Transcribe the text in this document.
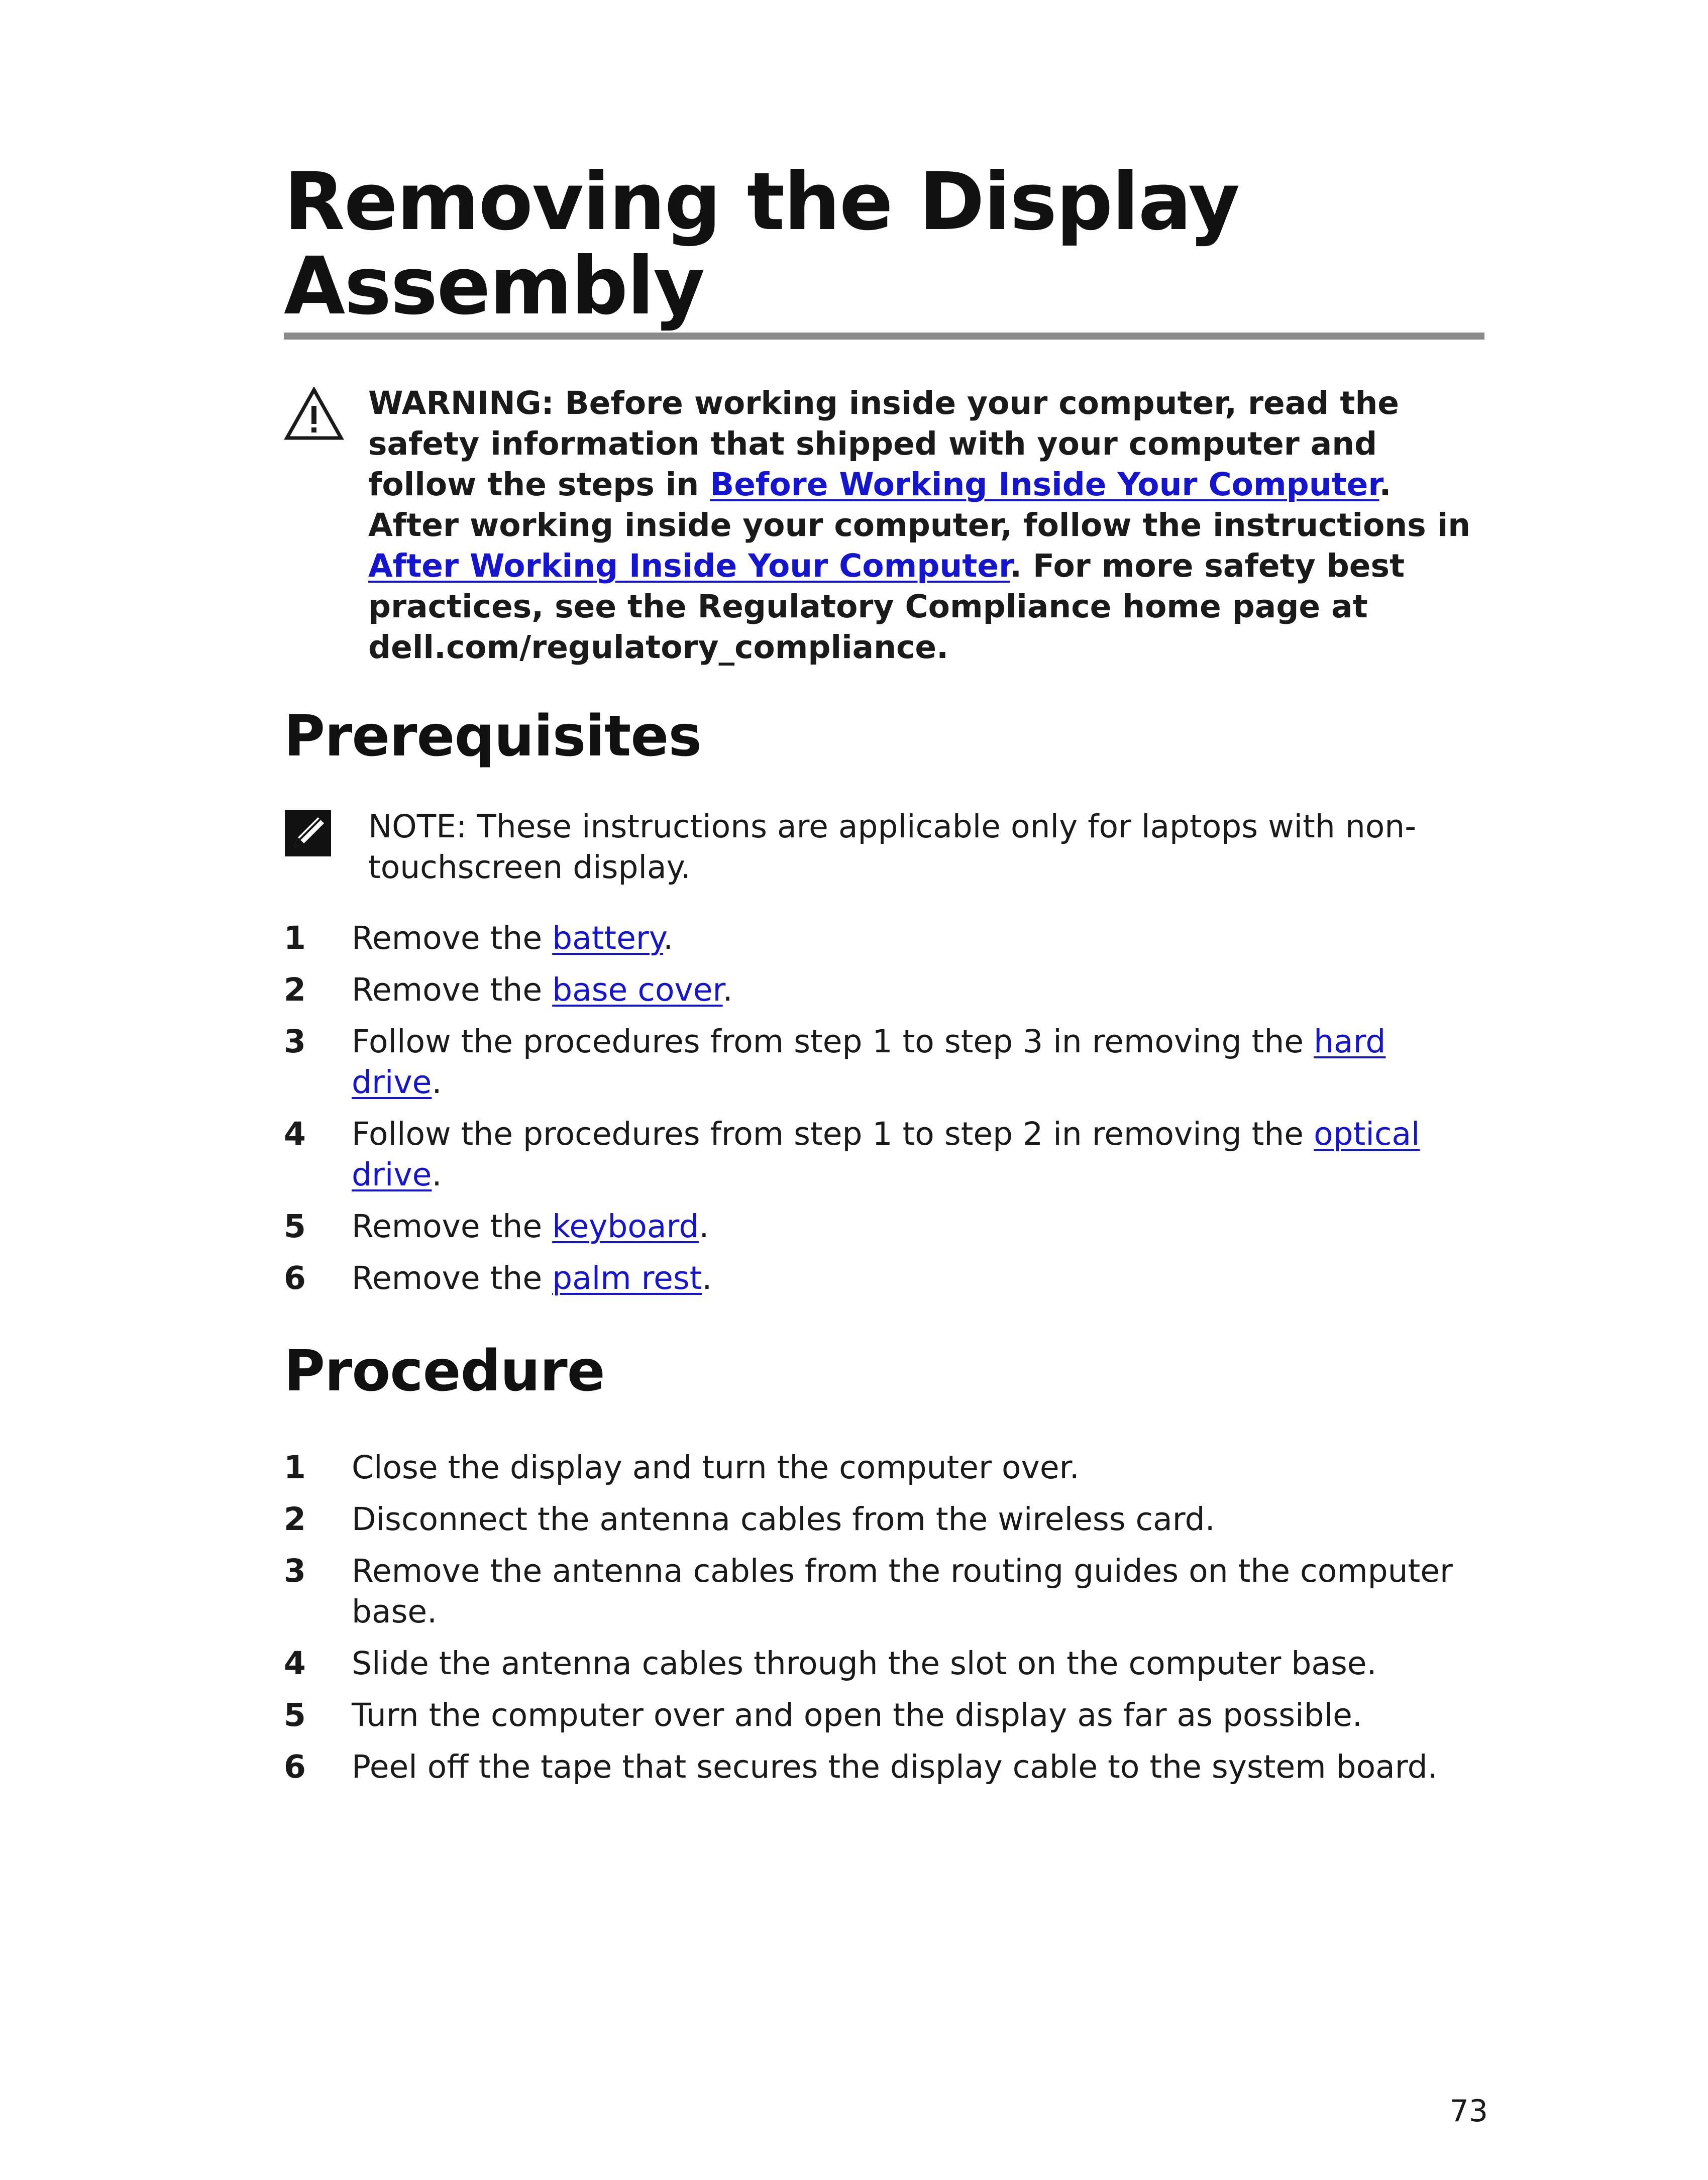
Removing the Display Assembly
WARNING: Before working inside your computer, read the safety information that shipped with your computer and follow the steps in Before Working Inside Your Computer. After working inside your computer, follow the instructions in After Working Inside Your Computer. For more safety best practices, see the Regulatory Compliance home page at dell.com/regulatory_compliance.
Prerequisites
NOTE: These instructions are applicable only for laptops with non-touchscreen display.
1 Remove the battery.
2 Remove the base cover.
3 Follow the procedures from step 1 to step 3 in removing the hard drive.
4 Follow the procedures from step 1 to step 2 in removing the optical drive.
5 Remove the keyboard.
6 Remove the palm rest.
Procedure
1 Close the display and turn the computer over.
2 Disconnect the antenna cables from the wireless card.
3 Remove the antenna cables from the routing guides on the computer base.
4 Slide the antenna cables through the slot on the computer base.
5 Turn the computer over and open the display as far as possible.
6 Peel off the tape that secures the display cable to the system board.
73
